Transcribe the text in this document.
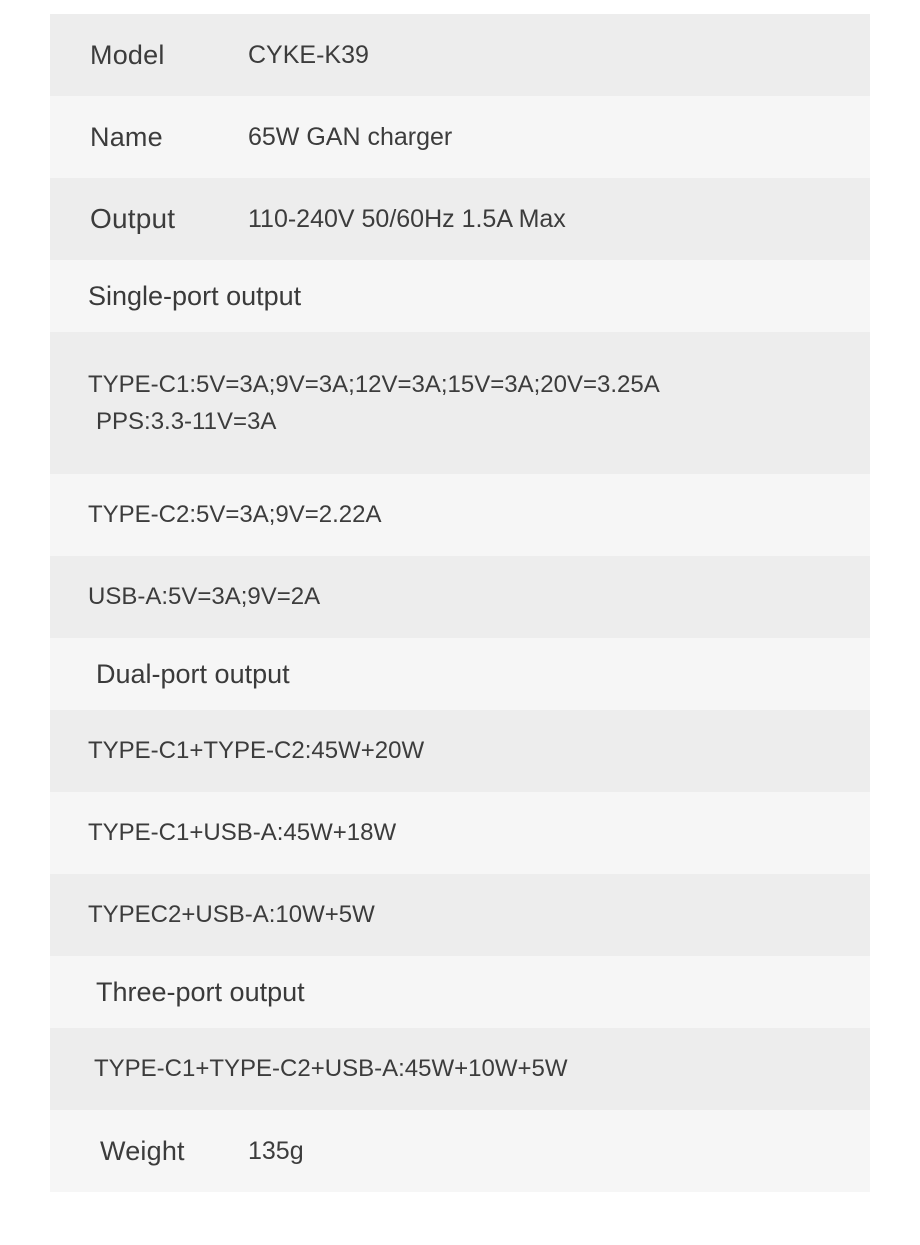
Model	CYKE-K39
Name	65W GAN charger
Output	110-240V 50/60Hz 1.5A Max
Single-port output
TYPE-C1:5V=3A;9V=3A;12V=3A;15V=3A;20V=3.25A
PPS:3.3-11V=3A
TYPE-C2:5V=3A;9V=2.22A
USB-A:5V=3A;9V=2A
Dual-port output
TYPE-C1+TYPE-C2:45W+20W
TYPE-C1+USB-A:45W+18W
TYPEC2+USB-A:10W+5W
Three-port output
TYPE-C1+TYPE-C2+USB-A:45W+10W+5W
Weight	135g
